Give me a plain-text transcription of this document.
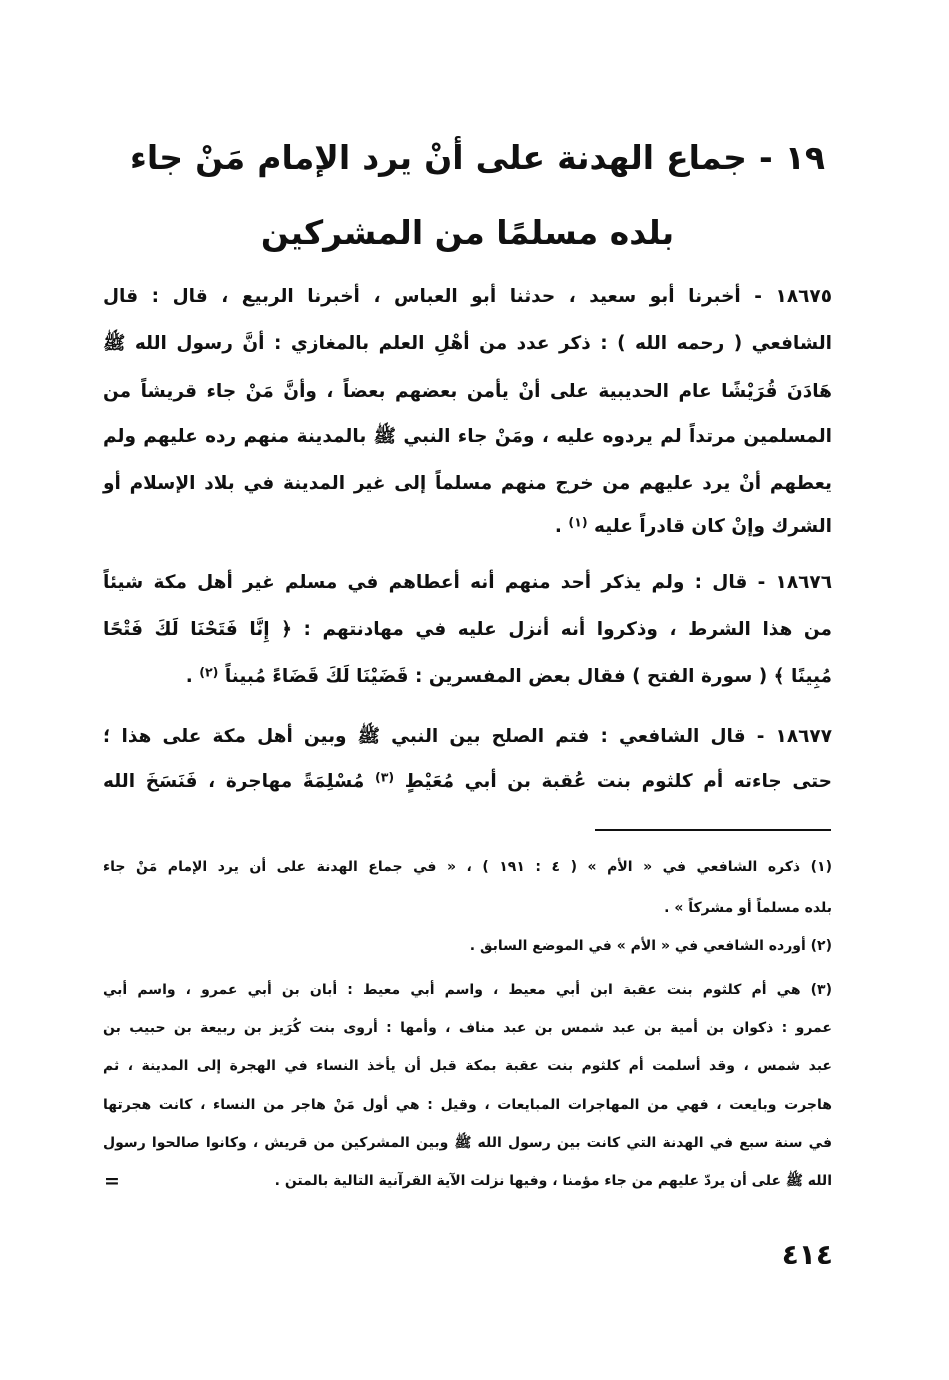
١٩ - جماع الهدنة على أنْ يرد الإمام مَنْ جاء
بلده مسلمًا من المشركين
١٨٦٧٥ - أخبرنا أبو سعيد ، حدثنا أبو العباس ، أخبرنا الربيع ، قال : قال
الشافعي ( رحمه الله ) : ذكر عدد من أهْلِ العلم بالمغازي : أنَّ رسول الله ﷺ
هَادَنَ قُرَيْشًا عام الحديبية على أنْ يأمن بعضهم بعضاً ، وأنَّ مَنْ جاء قريشاً من
المسلمين مرتداً لم يردوه عليه ، ومَنْ جاء النبي ﷺ بالمدينة منهم رده عليهم ولم
يعطهم أنْ يرد عليهم من خرج منهم مسلماً إلى غير المدينة في بلاد الإسلام أو
الشرك وإنْ كان قادراً عليه $^{(١)}$ .
١٨٦٧٦ - قال : ولم يذكر أحد منهم أنه أعطاهم في مسلم غير أهل مكة شيئاً
من هذا الشرط ، وذكروا أنه أنزل عليه في مهادنتهم : ﴿ إِنَّا فَتَحْنَا لَكَ فَتْحًا
مُبِينًا ﴾ ( سورة الفتح ) فقال بعض المفسرين : قَضَيْنَا لَكَ قَضَاءً مُبيناً $^{(٢)}$ .
١٨٦٧٧ - قال الشافعي : فتم الصلح بين النبي ﷺ وبين أهل مكة على هذا ؛
حتى جاءته أم كلثوم بنت عُقبة بن أبي مُعَيْطٍ $^{(٣)}$ مُسْلِمَةً مهاجرة ، فَنَسَخَ الله
(١) ذكره الشافعي في « الأم » ( ٤ : ١٩١ ) ، « في جماع الهدنة على أن يرد الإمام مَنْ جاء
بلده مسلماً أو مشركاً » .
(٢) أورده الشافعي في « الأم » في الموضع السابق .
(٣) هي أم كلثوم بنت عقبة ابن أبي معيط ، واسم أبي معيط : أبان بن أبي عمرو ، واسم أبي
عمرو : ذكوان بن أمية بن عبد شمس بن عبد مناف ، وأمها : أروى بنت كُرَيز بن ربيعة بن حبيب بن
عبد شمس ، وقد أسلمت أم كلثوم بنت عقبة بمكة قبل أن يأخذ النساء في الهجرة إلى المدينة ، ثم
هاجرت وبايعت ، فهي من المهاجرات المبايعات ، وقيل : هي أول مَنْ هاجر من النساء ، كانت هجرتها
في سنة سبع في الهدنة التي كانت بين رسول الله ﷺ وبين المشركين من قريش ، وكانوا صالحوا رسول
الله ﷺ على أن يردّ عليهم من جاء مؤمنا ، وفيها نزلت الآية القرآنية التالية بالمتن .
=
٤١٤
